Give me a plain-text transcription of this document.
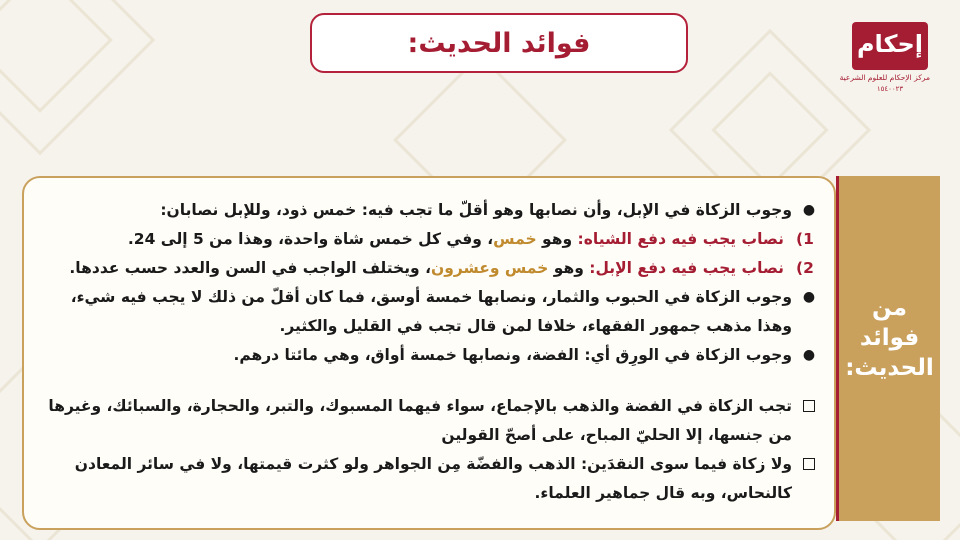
فوائد الحديث:	إحكام
مركز الإحكام للعلوم الشرعية
١٥٤٠٠٢٣
من فوائد
الحديث:
●
وجوب الزكاة في الإبل، وأن نصابها وهو أقلّ ما تجب فيه: خمس ذود، وللإبل نصابان:
1)
نصاب يجب فيه دفع الشياه: وهو خمس، وفي كل خمس شاة واحدة، وهذا من 5 إلى 24.
2)
نصاب يجب فيه دفع الإبل: وهو خمس وعشرون، ويختلف الواجب في السن والعدد حسب عددها.
●
وجوب الزكاة في الحبوب والثمار، ونصابها خمسة أوسق، فما كان أقلّ من ذلك لا يجب فيه شيء، وهذا مذهب جمهور الفقهاء، خلافا لمن قال تجب في القليل والكثير.
●
وجوب الزكاة في الورِق أي: الفضة، ونصابها خمسة أواق، وهي مائتا درهم.
تجب الزكاة في الفضة والذهب بالإجماع، سواء فيهما المسبوك، والتبر، والحجارة، والسبائك، وغيرها من جنسها، إلا الحليّ المباح، على أصحّ القولين
ولا زكاة فيما سوى النقدَين: الذهب والفضّة مِن الجواهر ولو كثرت قيمتها، ولا في سائر المعادن كالنحاس، وبه قال جماهير العلماء.
